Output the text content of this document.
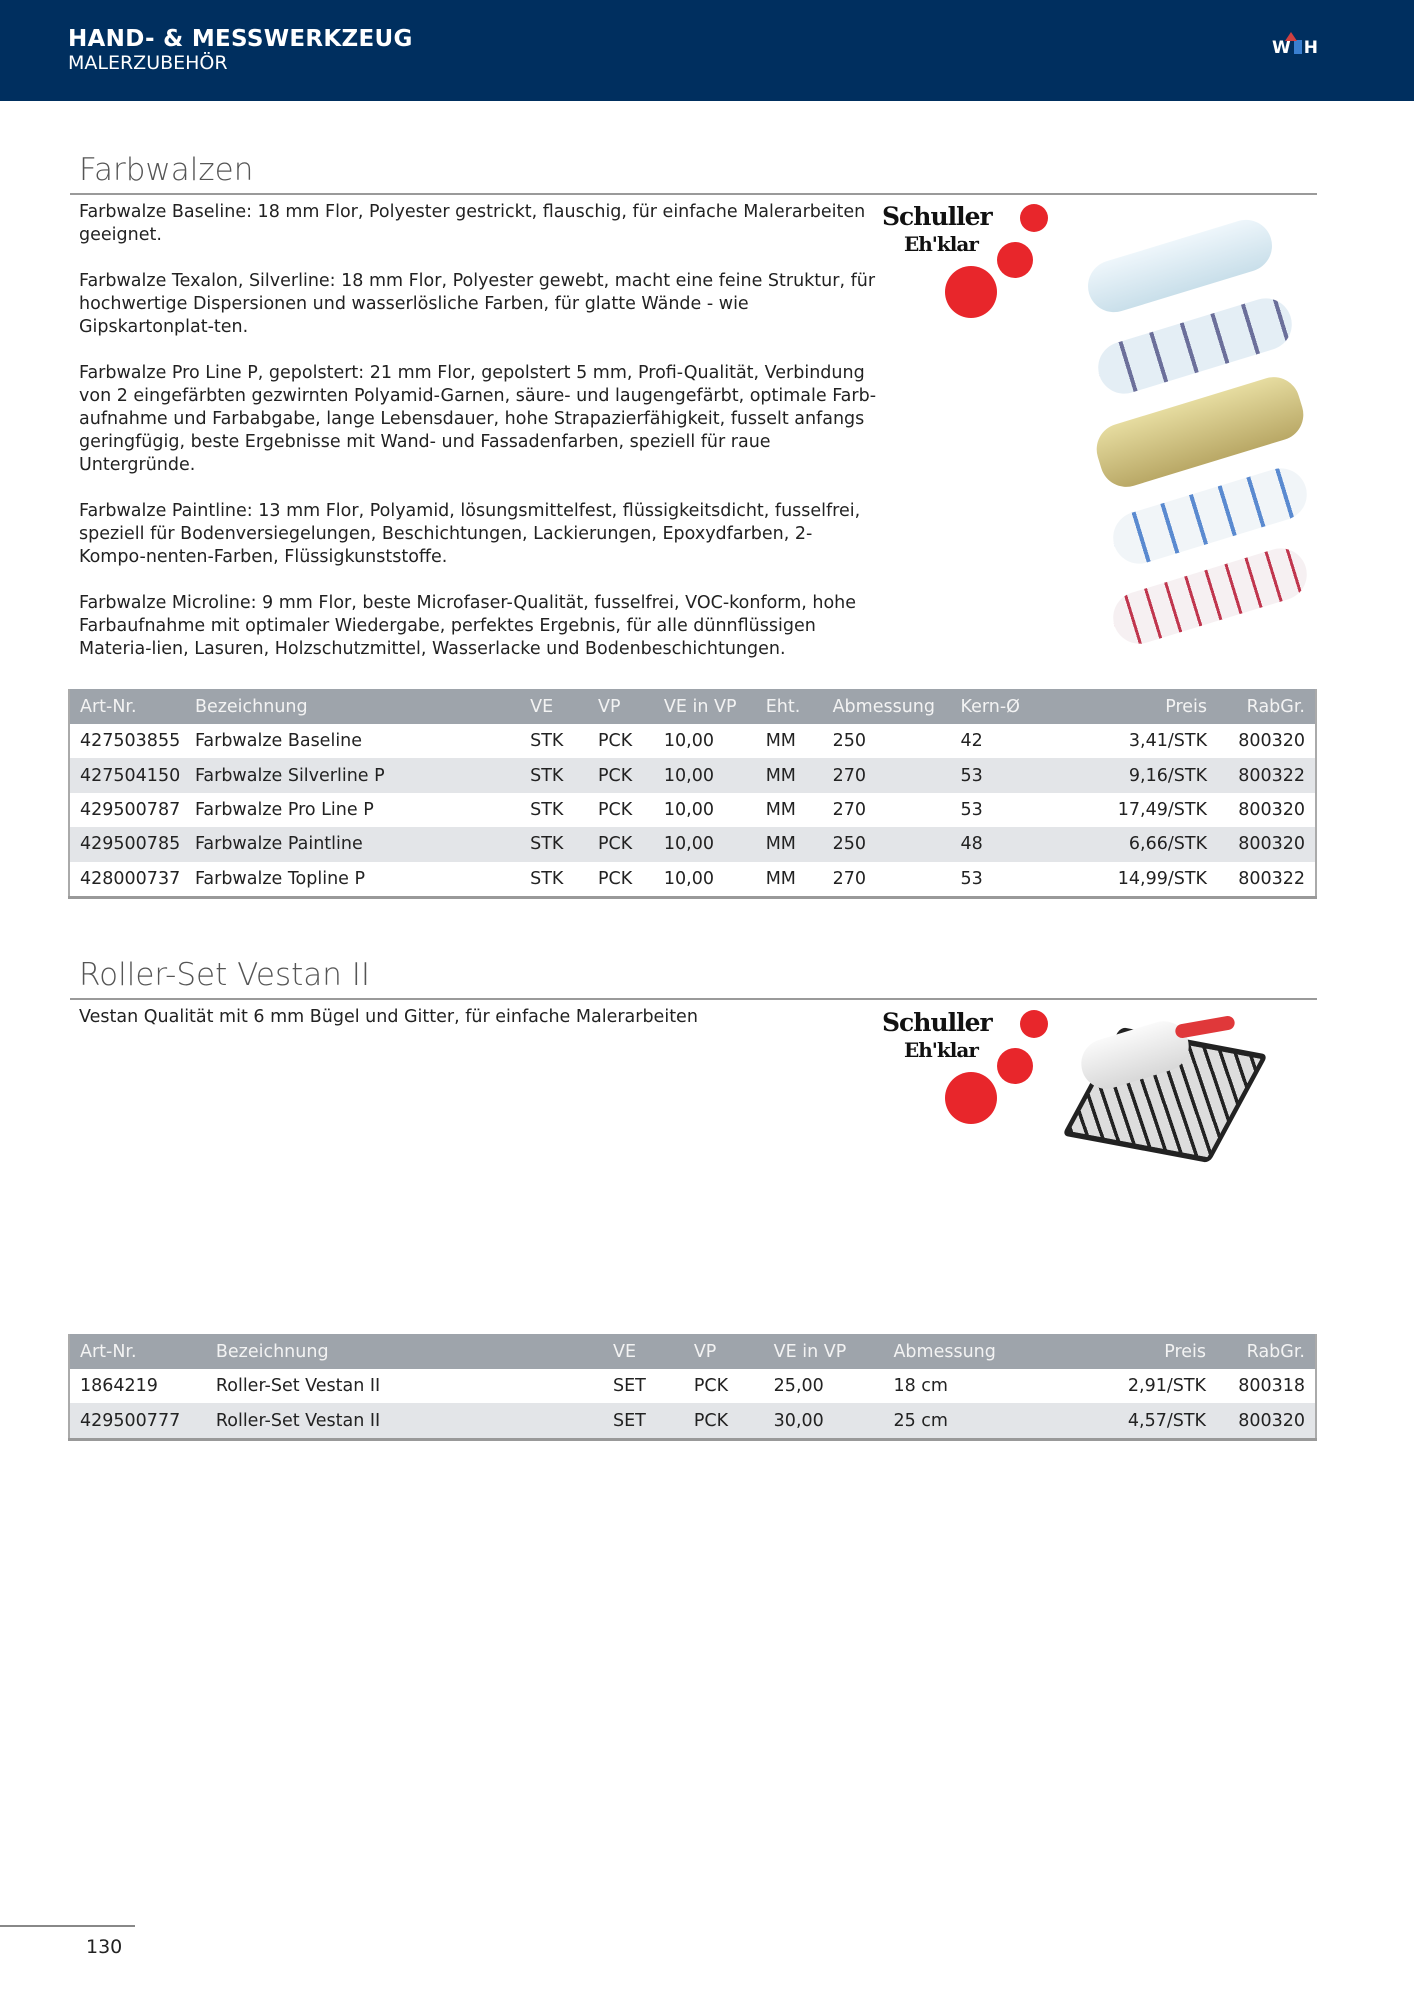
HAND- & MESSWERKZEUG
MALERZUBEHÖR
W H
Farbwalzen

Farbwalze Baseline: 18 mm Flor, Polyester gestrickt, flauschig, für einfache Malerarbeiten geeignet.

Farbwalze Texalon, Silverline: 18 mm Flor, Polyester gewebt, macht eine feine Struktur, für hochwertige Dispersionen und wasserlösliche Farben, für glatte Wände - wie Gipskartonplat-ten.

Farbwalze Pro Line P, gepolstert: 21 mm Flor, gepolstert 5 mm, Profi-Qualität, Verbindung von 2 eingefärbten gezwirnten Polyamid-Garnen, säure- und laugengefärbt, optimale Farb-aufnahme und Farbabgabe, lange Lebensdauer, hohe Strapazierfähigkeit, fusselt anfangs geringfügig, beste Ergebnisse mit Wand- und Fassadenfarben, speziell für raue Untergründe.

Farbwalze Paintline: 13 mm Flor, Polyamid, lösungsmittelfest, flüssigkeitsdicht, fusselfrei, speziell für Bodenversiegelungen, Beschichtungen, Lackierungen, Epoxydfarben, 2-Kompo-nenten-Farben, Flüssigkunststoffe.

Farbwalze Microline: 9 mm Flor, beste Microfaser-Qualität, fusselfrei, VOC-konform, hohe Farbaufnahme mit optimaler Wiedergabe, perfektes Ergebnis, für alle dünnflüssigen Materia-lien, Lasuren, Holzschutzmittel, Wasserlacke und Bodenbeschichtungen.

Schuller
Eh'klar
Art-Nr.	Bezeichnung	VE	VP	VE in VP	Eht.	Abmessung	Kern-Ø	Preis	RabGr.
427503855	Farbwalze Baseline	STK	PCK	10,00	MM	250	42	3,41/STK	800320
427504150	Farbwalze Silverline P	STK	PCK	10,00	MM	270	53	9,16/STK	800322
429500787	Farbwalze Pro Line P	STK	PCK	10,00	MM	270	53	17,49/STK	800320
429500785	Farbwalze Paintline	STK	PCK	10,00	MM	250	48	6,66/STK	800320
428000737	Farbwalze Topline P	STK	PCK	10,00	MM	270	53	14,99/STK	800322
Roller-Set Vestan II

Vestan Qualität mit 6 mm Bügel und Gitter, für einfache Malerarbeiten	Schuller
Eh'klar
Art-Nr.	Bezeichnung	VE	VP	VE in VP	Abmessung	Preis	RabGr.
1864219	Roller-Set Vestan II	SET	PCK	25,00	18 cm	2,91/STK	800318
429500777	Roller-Set Vestan II	SET	PCK	30,00	25 cm	4,57/STK	800320
130
